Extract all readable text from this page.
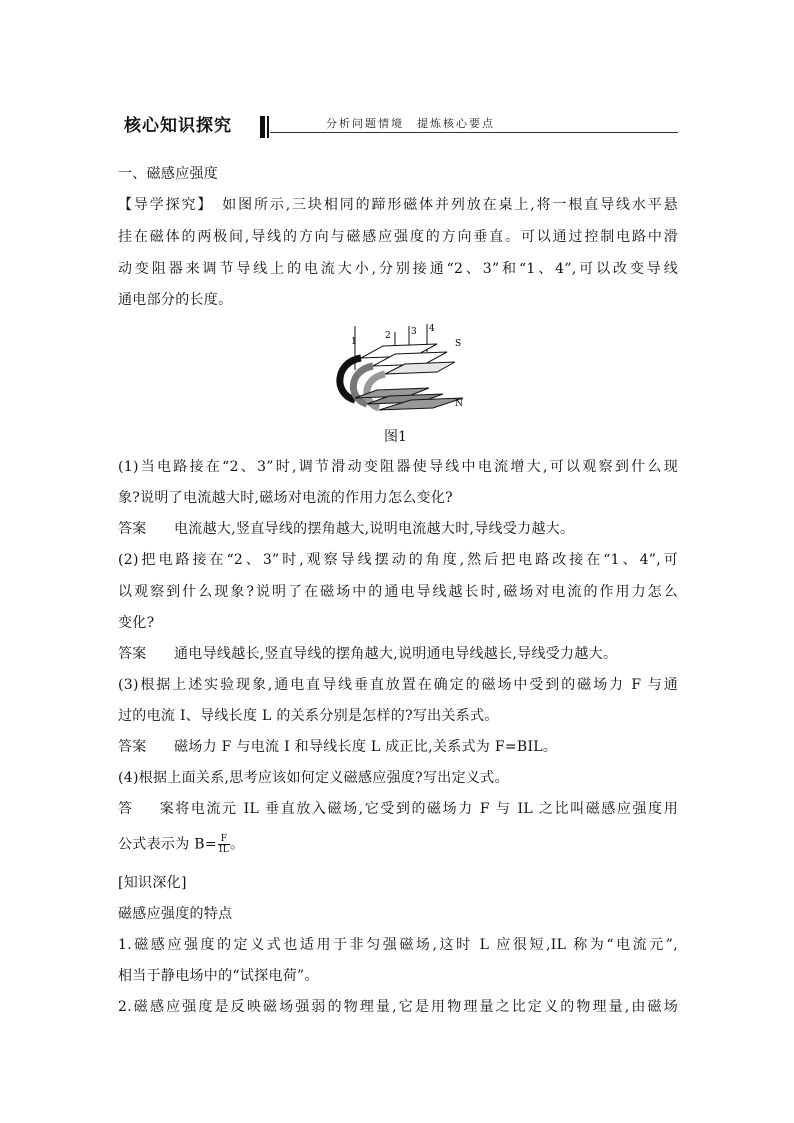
核心知识探究	分析问题情境　提炼核心要点
一、磁感应强度
【导学探究】　 如图所示,三块相同的蹄形磁体并列放在桌上,将一根直导线水平悬
挂在磁体的两极间,导线的方向与磁感应强度的方向垂直。可以通过控制电路中滑
动变阻器来调节导线上的电流大小,分别接通“2、3”和“1、4”,可以改变导线
通电部分的长度。
1
2 3 4
S
N
图1
(1)当电路接在“2、3”时,调节滑动变阻器使导线中电流增大,可以观察到什么现
象?说明了电流越大时,磁场对电流的作用力怎么变化?
答案 电流越大,竖直导线的摆角越大,说明电流越大时,导线受力越大。
(2)把电路接在“2、3”时,观察导线摆动的角度,然后把电路改接在“1、4”,可
以观察到什么现象?说明了在磁场中的通电导线越长时,磁场对电流的作用力怎么
变化?
答案 通电导线越长,竖直导线的摆角越大,说明通电导线越长,导线受力越大。
(3)根据上述实验现象,通电直导线垂直放置在确定的磁场中受到的磁场力 F 与通
过的电流 I、导线长度 L 的关系分别是怎样的?写出关系式。
答案 磁场力 F 与电流 I 和导线长度 L 成正比,关系式为 F=BIL。
(4)根据上面关系,思考应该如何定义磁感应强度?写出定义式。
答案将电流元 IL 垂直放入磁场,它受到的磁场力 F 与 IL 之比叫磁感应强度用
公式表示为 $B= \frac{F}{IL}$ 。
[知识深化]
磁感应强度的特点
1.磁感应强度的定义式也适用于非匀强磁场,这时 L 应很短,IL 称为“电流元”,
相当于静电场中的“试探电荷”。
2.磁感应强度是反映磁场强弱的物理量,它是用物理量之比定义的物理量,由磁场
